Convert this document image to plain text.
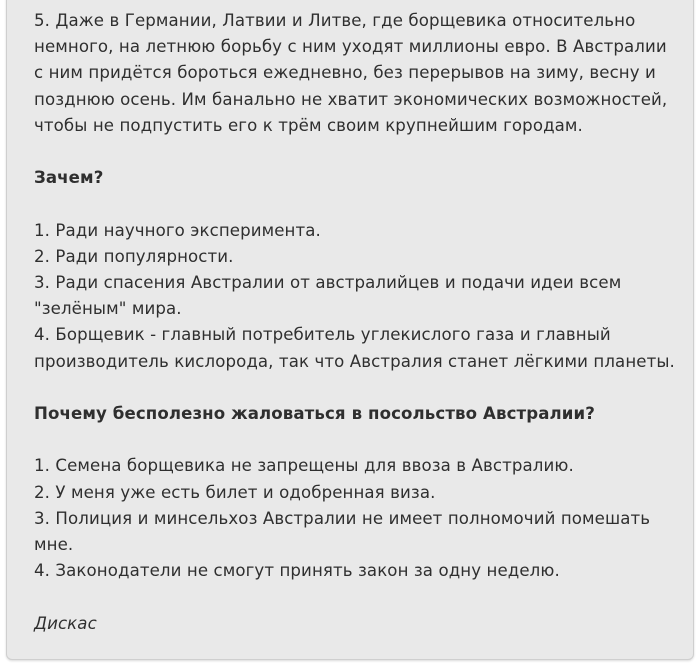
5. Даже в Германии, Латвии и Литве, где борщевика относительно

немного, на летнюю борьбу с ним уходят миллионы евро. В Австралии

с ним придётся бороться ежедневно, без перерывов на зиму, весну и

позднюю осень. Им банально не хватит экономических возможностей,

чтобы не подпустить его к трём своим крупнейшим городам.

Зачем?

1. Ради научного эксперимента.

2. Ради популярности.

3. Ради спасения Австралии от австралийцев и подачи идеи всем

"зелёным" мира.

4. Борщевик - главный потребитель углекислого газа и главный

производитель кислорода, так что Австралия станет лёгкими планеты.

Почему бесполезно жаловаться в посольство Австралии?

1. Семена борщевика не запрещены для ввоза в Австралию.

2. У меня уже есть билет и одобренная виза.

3. Полиция и минсельхоз Австралии не имеет полномочий помешать

мне.

4. Законодатели не смогут принять закон за одну неделю.

Дискас
